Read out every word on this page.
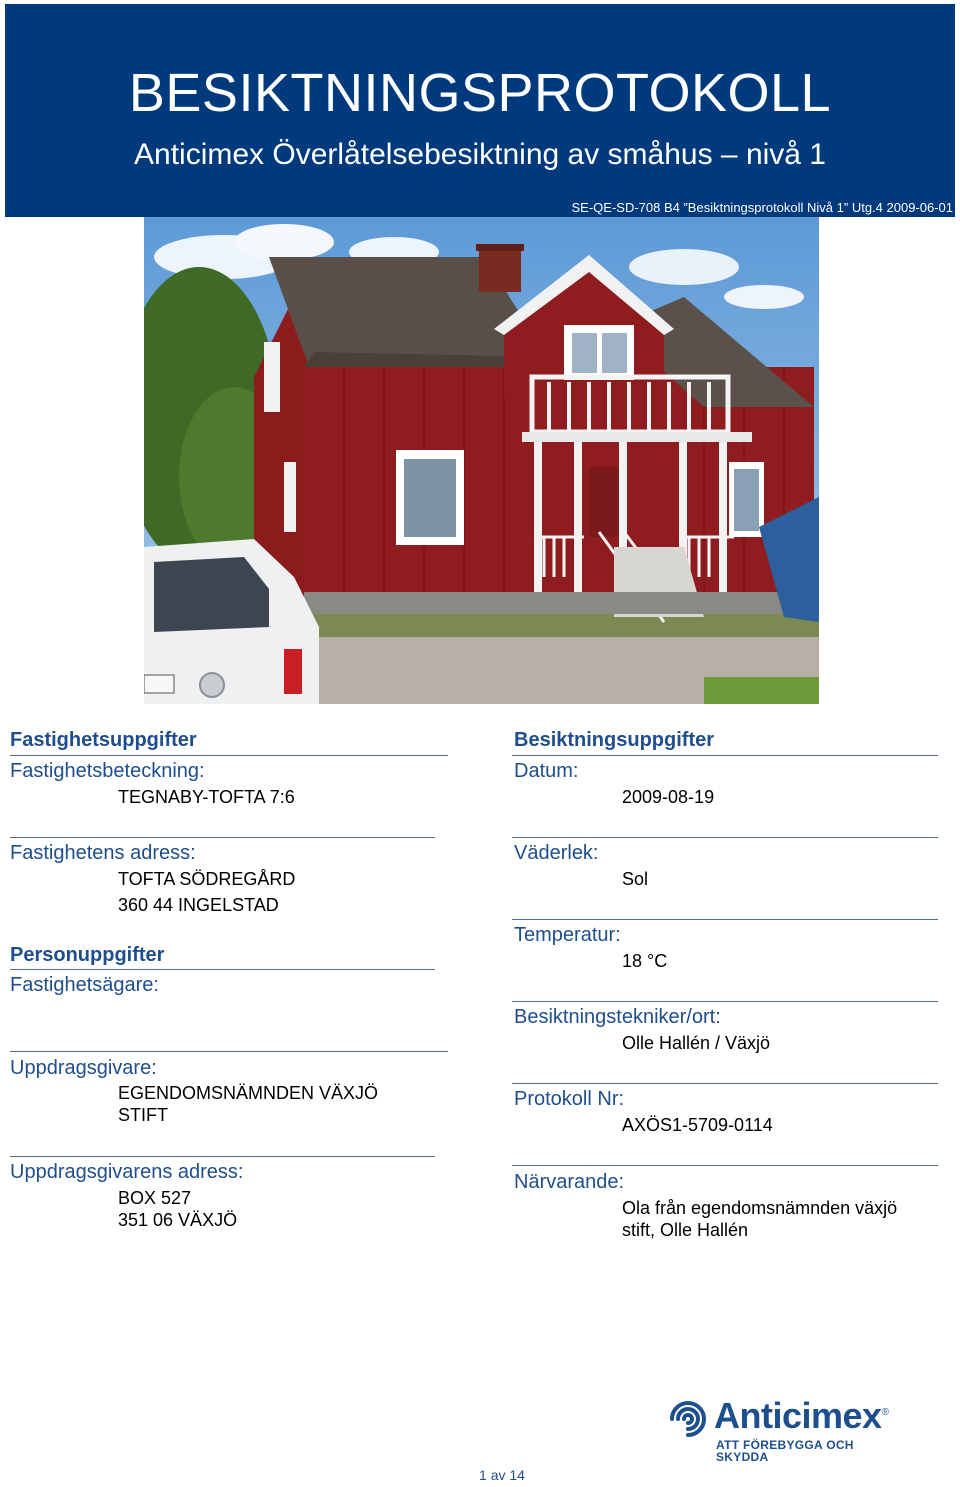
BESIKTNINGSPROTOKOLL
Anticimex Överlåtelsebesiktning av småhus – nivå 1
SE-QE-SD-708 B4 ”Besiktningsprotokoll Nivå 1” Utg.4 2009-06-01
Fastighetsuppgifter
Fastighetsbeteckning:
TEGNABY-TOFTA 7:6
Fastighetens adress:
TOFTA SÖDREGÅRD
360 44 INGELSTAD
Personuppgifter
Fastighetsägare:
Uppdragsgivare:
EGENDOMSNÄMNDEN VÄXJÖ
STIFT
Uppdragsgivarens adress:
BOX 527
351 06 VÄXJÖ
Besiktningsuppgifter
Datum:
2009-08-19
Väderlek:
Sol
Temperatur:
18 °C
Besiktningstekniker/ort:
Olle Hallén / Växjö
Protokoll Nr:
AXÖS1-5709-0114
Närvarande:
Ola från egendomsnämnden växjö
stift, Olle Hallén
Anticimex®
ATT FÖREBYGGA OCH SKYDDA
1 av 14
